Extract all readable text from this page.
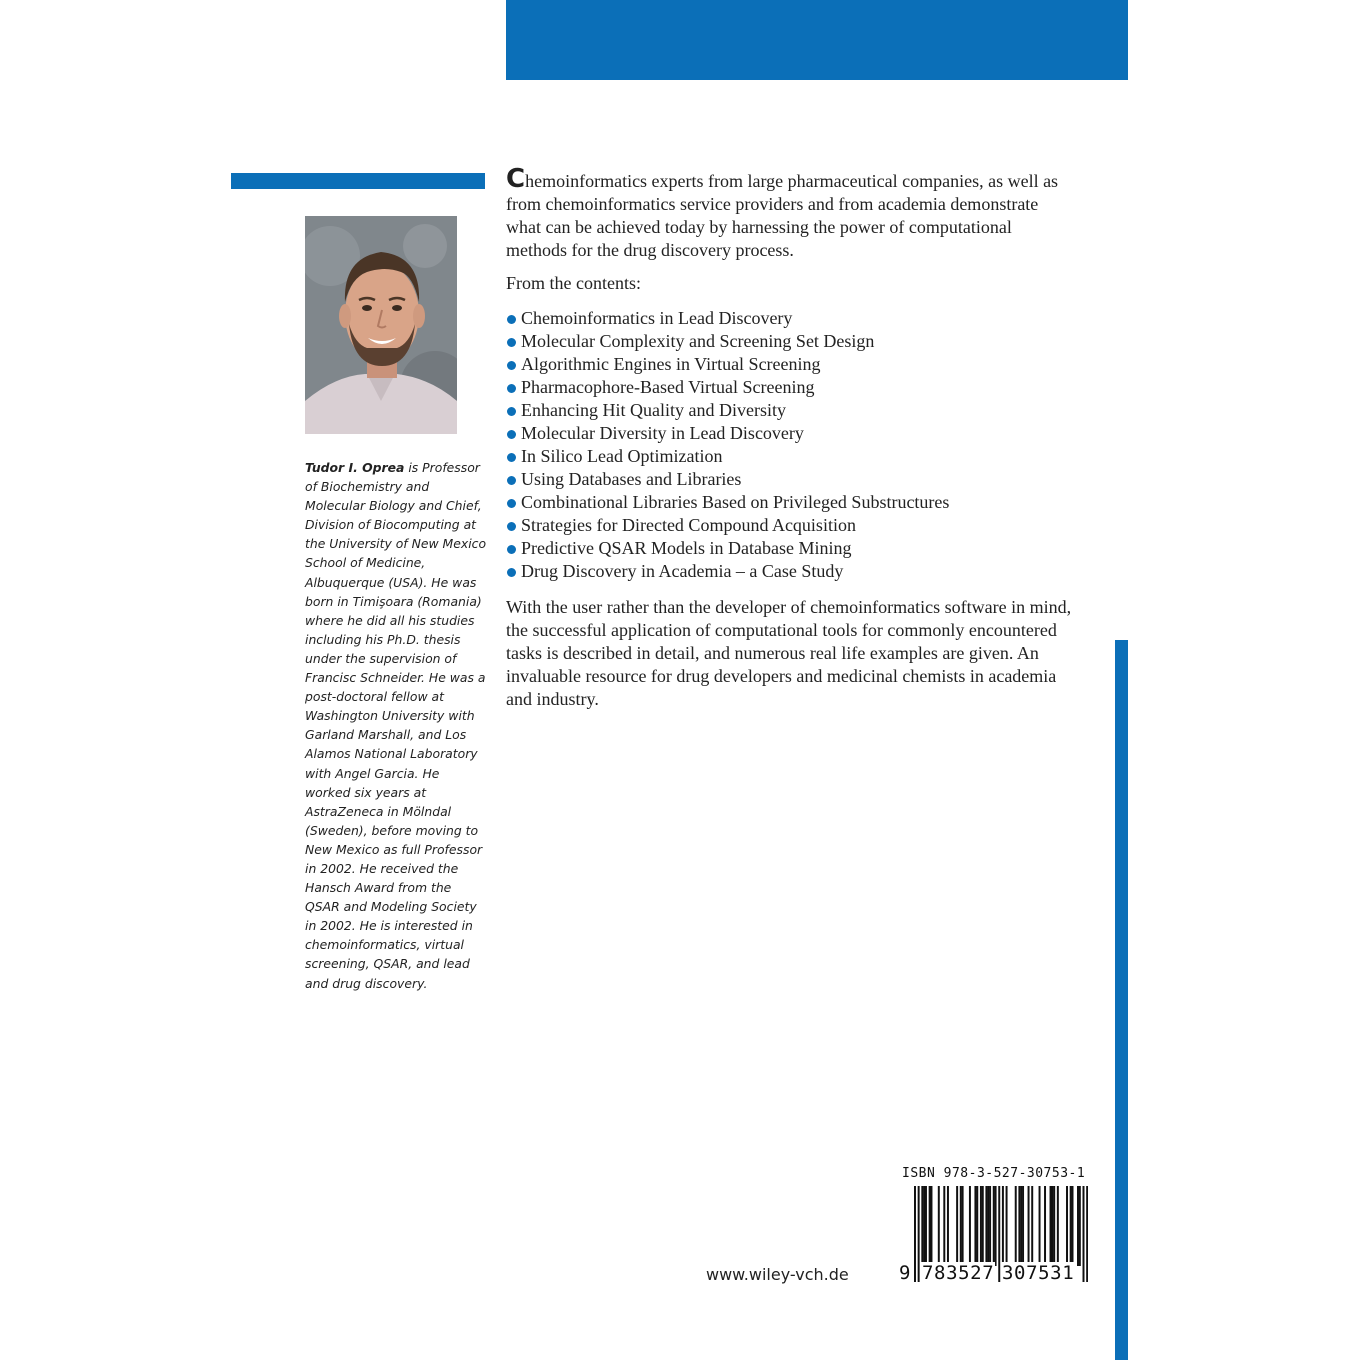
Tudor I. Oprea is Professor of Biochemistry and Molecular Biology and Chief, Division of Biocomputing at the University of New Mexico School of Medicine, Albuquerque (USA). He was born in Timişoara (Romania) where he did all his studies including his Ph.D. thesis under the supervision of Francisc Schneider. He was a post-doctoral fellow at Washington University with Garland Marshall, and Los Alamos National Laboratory with Angel Garcia. He worked six years at AstraZeneca in Mölndal (Sweden), before moving to New Mexico as full Professor in 2002. He received the Hansch Award from the QSAR and Modeling Society in 2002. He is interested in chemoinformatics, virtual screening, QSAR, and lead and drug discovery.

Chemoinformatics experts from large pharmaceutical companies, as well as from chemoinformatics service providers and from academia demonstrate what can be achieved today by harnessing the power of computational methods for the drug discovery process.

From the contents:

Chemoinformatics in Lead Discovery
Molecular Complexity and Screening Set Design
Algorithmic Engines in Virtual Screening
Pharmacophore-Based Virtual Screening
Enhancing Hit Quality and Diversity
Molecular Diversity in Lead Discovery
In Silico Lead Optimization
Using Databases and Libraries
Combinational Libraries Based on Privileged Substructures
Strategies for Directed Compound Acquisition
Predictive QSAR Models in Database Mining
Drug Discovery in Academia – a Case Study

With the user rather than the developer of chemoinformatics software in mind, the successful application of computational tools for commonly encountered tasks is described in detail, and numerous real life examples are given. An invaluable resource for drug developers and medicinal chemists in academia and industry.

ISBN 978-3-527-30753-1
9 783527 307531
www.wiley-vch.de
